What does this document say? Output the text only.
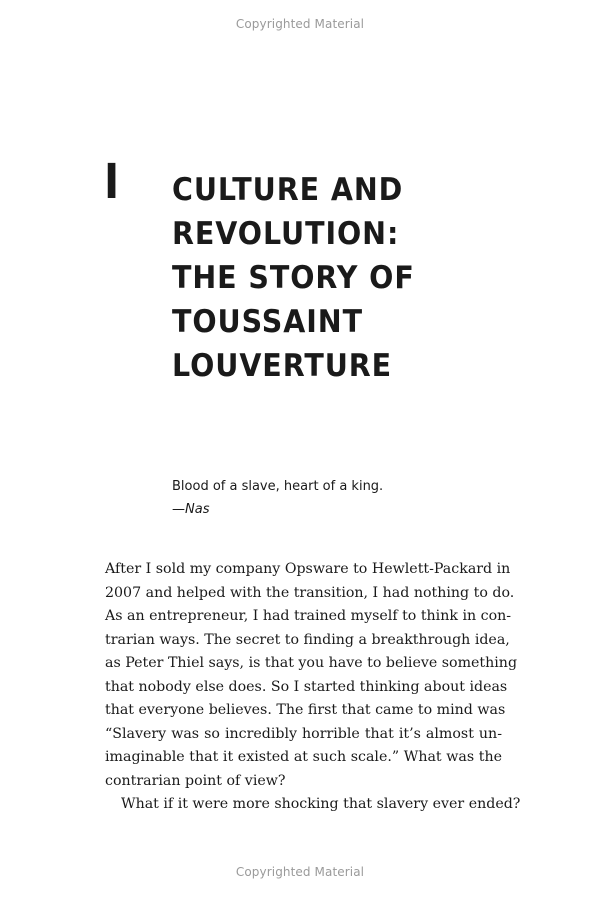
Copyrighted Material
I CULTURE AND
REVOLUTION:
THE STORY OF
TOUSSAINT
LOUVERTURE
Blood of a slave, heart of a king.
—Nas

After I sold my company Opsware to Hewlett-Packard in
2007 and helped with the transition, I had nothing to do.
As an entrepreneur, I had trained myself to think in con-
trarian ways. The secret to finding a breakthrough idea,
as Peter Thiel says, is that you have to believe something
that nobody else does. So I started thinking about ideas
that everyone believes. The first that came to mind was
“Slavery was so incredibly horrible that it’s almost un-
imaginable that it existed at such scale.” What was the
contrarian point of view?

What if it were more shocking that slavery ever ended?

Copyrighted Material
